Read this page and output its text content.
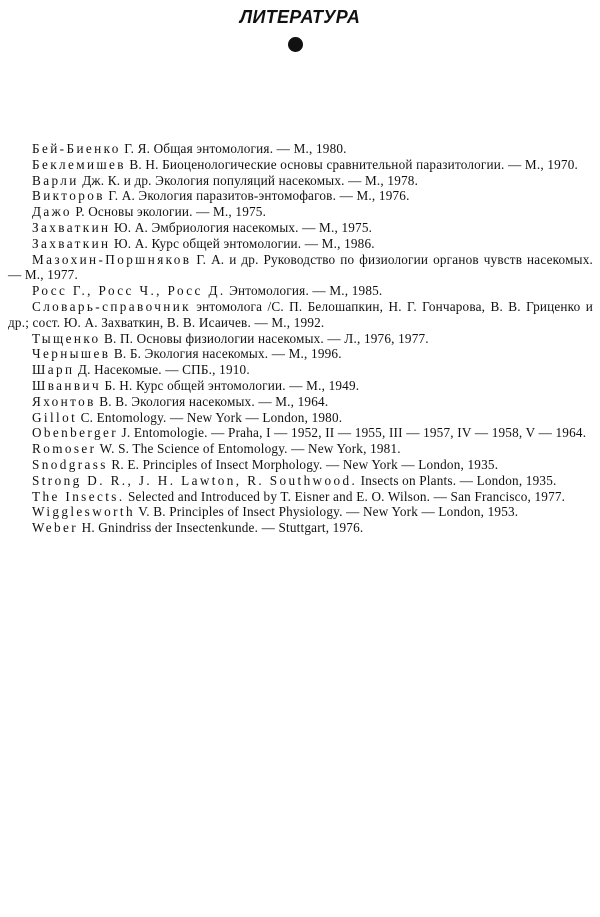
ЛИТЕРАТУРА
Бей-Биенко Г. Я. Общая энтомология. — М., 1980.
Беклемишев В. Н. Биоценологические основы сравнительной паразитологии. — М., 1970.
Варли Дж. К. и др. Экология популяций насекомых. — М., 1978.
Викторов Г. А. Экология паразитов-энтомофагов. — М., 1976.
Дажо Р. Основы экологии. — М., 1975.
Захваткин Ю. А. Эмбриология насекомых. — М., 1975.
Захваткин Ю. А. Курс общей энтомологии. — М., 1986.
Мазохин-Поршняков Г. А. и др. Руководство по физиологии органов чувств насекомых. — М., 1977.
Росс Г., Росс Ч., Росс Д. Энтомология. — М., 1985.
Словарь-справочник энтомолога /С. П. Белошапкин, Н. Г. Гончарова, В. В. Гриценко и др.; сост. Ю. А. Захваткин, В. В. Исаичев. — М., 1992.
Тыщенко В. П. Основы физиологии насекомых. — Л., 1976, 1977.
Чернышев В. Б. Экология насекомых. — М., 1996.
Шарп Д. Насекомые. — СПБ., 1910.
Шванвич Б. Н. Курс общей энтомологии. — М., 1949.
Яхонтов В. В. Экология насекомых. — М., 1964.
Gillot C. Entomology. — New York — London, 1980.
Obenberger J. Entomologie. — Praha, I — 1952, II — 1955, III — 1957, IV — 1958, V — 1964.
Romoser W. S. The Science of Entomology. — New York, 1981.
Snodgrass R. E. Principles of Insect Morphology. — New York — London, 1935.
Strong D. R., J. H. Lawton, R. Southwood. Insects on Plants. — London, 1935.
The Insects. Selected and Introduced by T. Eisner and E. O. Wilson. — San Francisco, 1977.
Wigglesworth V. B. Principles of Insect Physiology. — New York — London, 1953.
Weber H. Gnindriss der Insectenkunde. — Stuttgart, 1976.
